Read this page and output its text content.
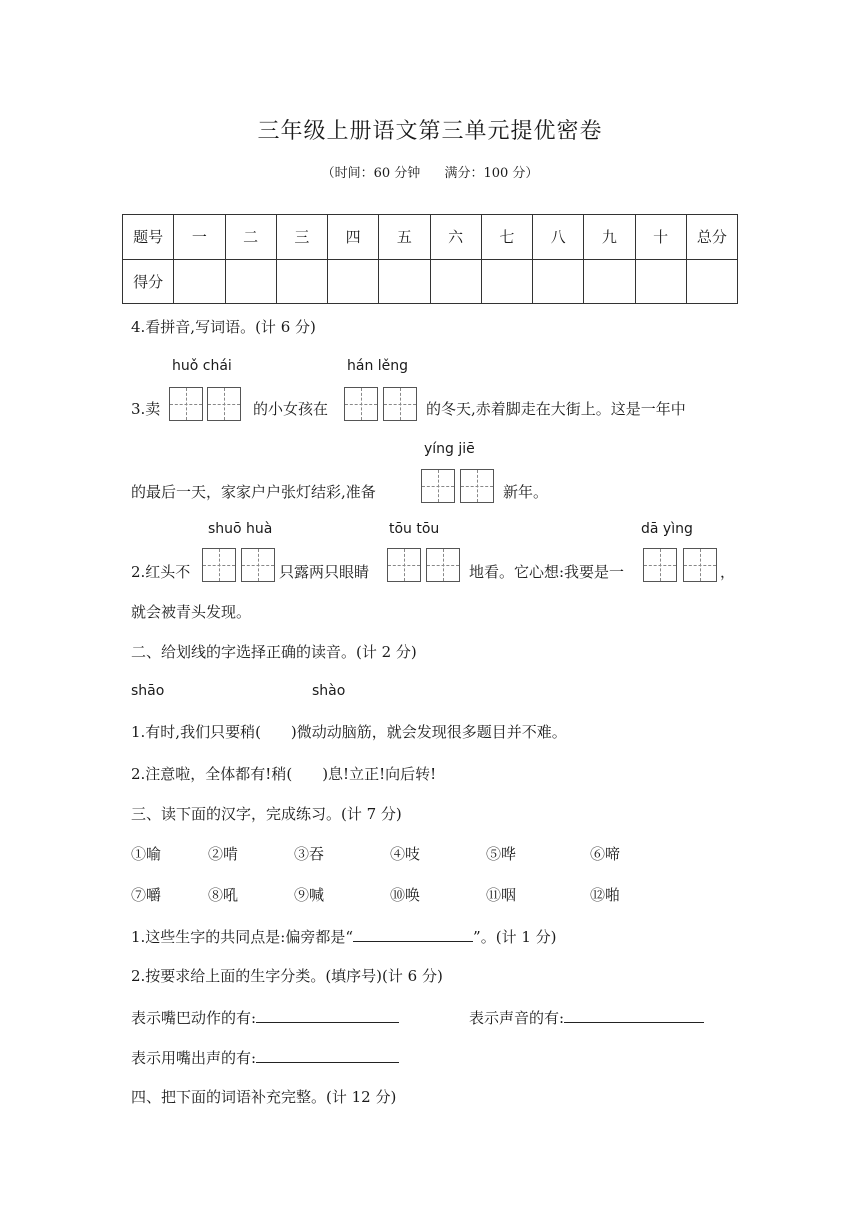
三年级上册语文第三单元提优密卷
（时间：60 分钟 满分：100 分）
题号	一	二	三	四	五	六	七	八	九	十	总分
得分											
4.看拼音,写词语。(计 6 分)
huǒ chái	hán lěng
3.卖	的小女孩在	的冬天,赤着脚走在大街上。这是一年中
yíng jiē
的最后一天，家家户户张灯结彩,准备	新年。
shuō huà	tōu tōu	dā yìng
2.红头不	只露两只眼睛	地看。它心想:我要是一	，
就会被青头发现。
二、给划线的字选择正确的读音。(计 2 分)
shāo	shào
1.有时,我们只要稍(　　)微动动脑筋，就会发现很多题目并不难。
2.注意啦，全体都有!稍(　　)息!立正!向后转!
三、读下面的汉字，完成练习。(计 7 分)
①喻	②啃	③吞	④吱	⑤哗	⑥啼
⑦嚼	⑧吼	⑨喊	⑩唤	⑪咽	⑫啪
1.这些生字的共同点是:偏旁都是“	”。(计 1 分)
2.按要求给上面的生字分类。(填序号)(计 6 分)
表示嘴巴动作的有:	表示声音的有:
表示用嘴出声的有:
四、把下面的词语补充完整。(计 12 分)
